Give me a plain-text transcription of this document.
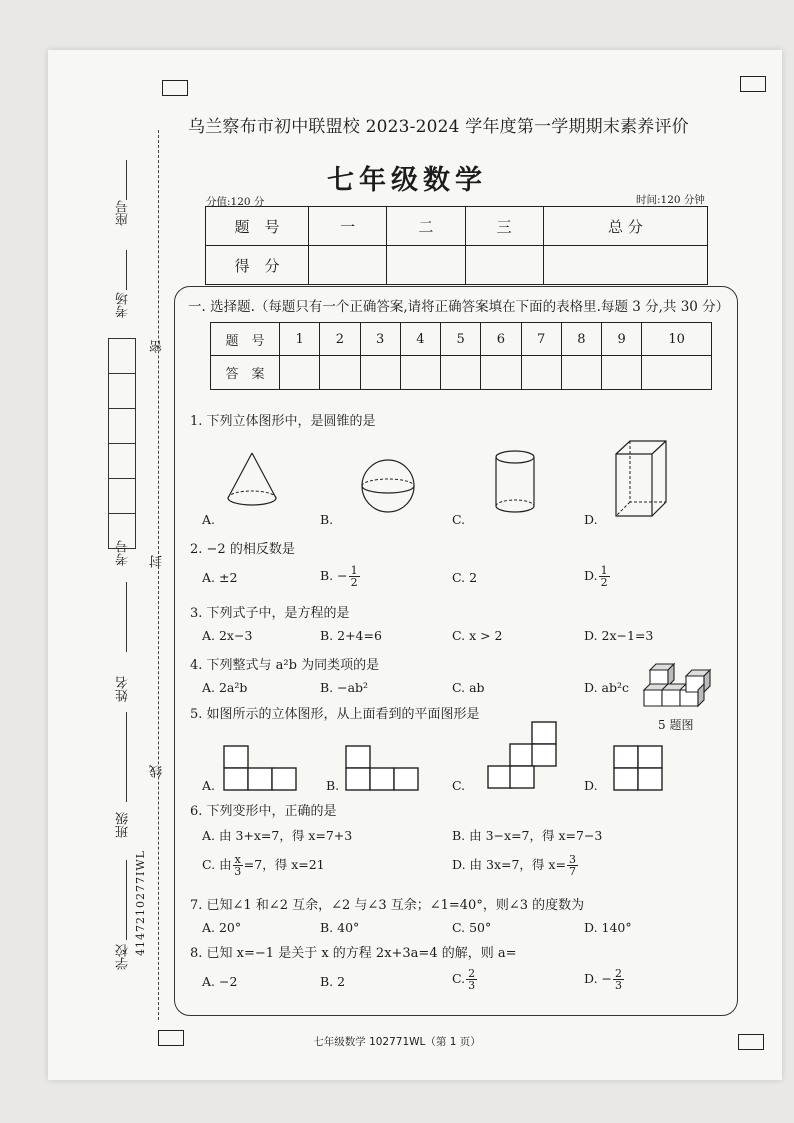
座号
考场

密
考号 封
姓名
线
班级
学校
4147210277IWL
乌兰察布市初中联盟校 2023-2024 学年度第一学期期末素养评价
七年级数学
分值:120 分	时间:120 分钟
题　号	一	二	三	总 分
得　分				
一. 选择题.（每题只有一个正确答案,请将正确答案填在下面的表格里.每题 3 分,共 30 分）
题　号	1	2	3	4	5	6	7	8	9	10
答　案										
1. 下列立体图形中，是圆锥的是
A.	B.	C.	D.
2. −2 的相反数是
A. ±2	B. − $\frac{1}{2}$	C. 2	D. $\frac{1}{2}$
3. 下列式子中，是方程的是
A. 2x−3	B. 2+4=6	C. x > 2	D. 2x−1=3
4. 下列整式与 a²b 为同类项的是
A. 2a²b	B. −ab²	C. ab	D. ab²c
5 题图
5. 如图所示的立体图形，从上面看到的平面图形是
A.	B.	C.	D.
6. 下列变形中，正确的是
A. 由 3+x=7，得 x=7+3	B. 由 3−x=7，得 x=7−3
C. 由 $\frac{x}{3} =7$，得 x=21	D. 由 3x=7，得 $x= \frac{3}{7}$
7. 已知∠1 和∠2 互余，∠2 与∠3 互余；∠1=40°，则∠3 的度数为
A. 20°	B. 40°	C. 50°	D. 140°
8. 已知 x=−1 是关于 x 的方程 2x+3a=4 的解，则 a=
A. −2	B. 2	C. $\frac{2}{3}$	D. − $\frac{2}{3}$
七年级数学 102771WL（第 1 页）
